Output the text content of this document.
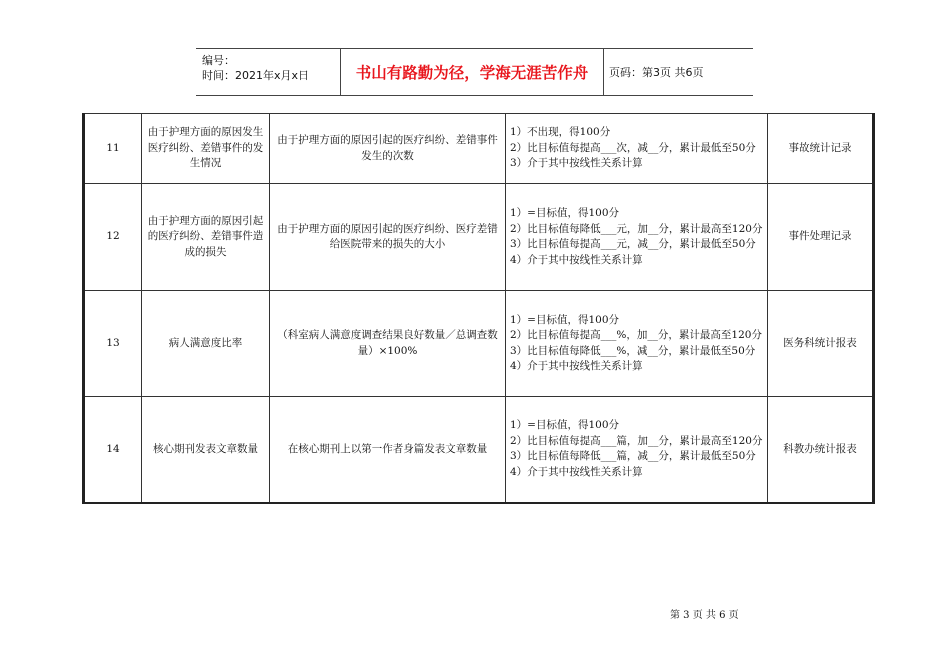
编号：
时间：2021年x月x日	书山有路勤为径，学海无涯苦作舟	页码：第3页 共6页
11	由于护理方面的原因发生医疗纠纷、差错事件的发生情况	由于护理方面的原因引起的医疗纠纷、差错事件发生的次数	1）不出现，得100分
2）比目标值每提高___次，减__分，累计最低至50分
3）介于其中按线性关系计算	事故统计记录
12	由于护理方面的原因引起的医疗纠纷、差错事件造成的损失	由于护理方面的原因引起的医疗纠纷、医疗差错给医院带来的损失的大小	1）=目标值，得100分
2）比目标值每降低___元，加__分，累计最高至120分
3）比目标值每提高___元，减__分，累计最低至50分
4）介于其中按线性关系计算	事件处理记录
13	病人满意度比率	（科室病人满意度调查结果良好数量／总调查数量）×100%	1）=目标值，得100分
2）比目标值每提高___%，加__分，累计最高至120分
3）比目标值每降低___%，减__分，累计最低至50分
4）介于其中按线性关系计算	医务科统计报表
14	核心期刊发表文章数量	在核心期刊上以第一作者身篇发表文章数量	1）=目标值，得100分
2）比目标值每提高___篇，加__分，累计最高至120分
3）比目标值每降低___篇，减__分，累计最低至50分
4）介于其中按线性关系计算	科教办统计报表
第 3 页 共 6 页
